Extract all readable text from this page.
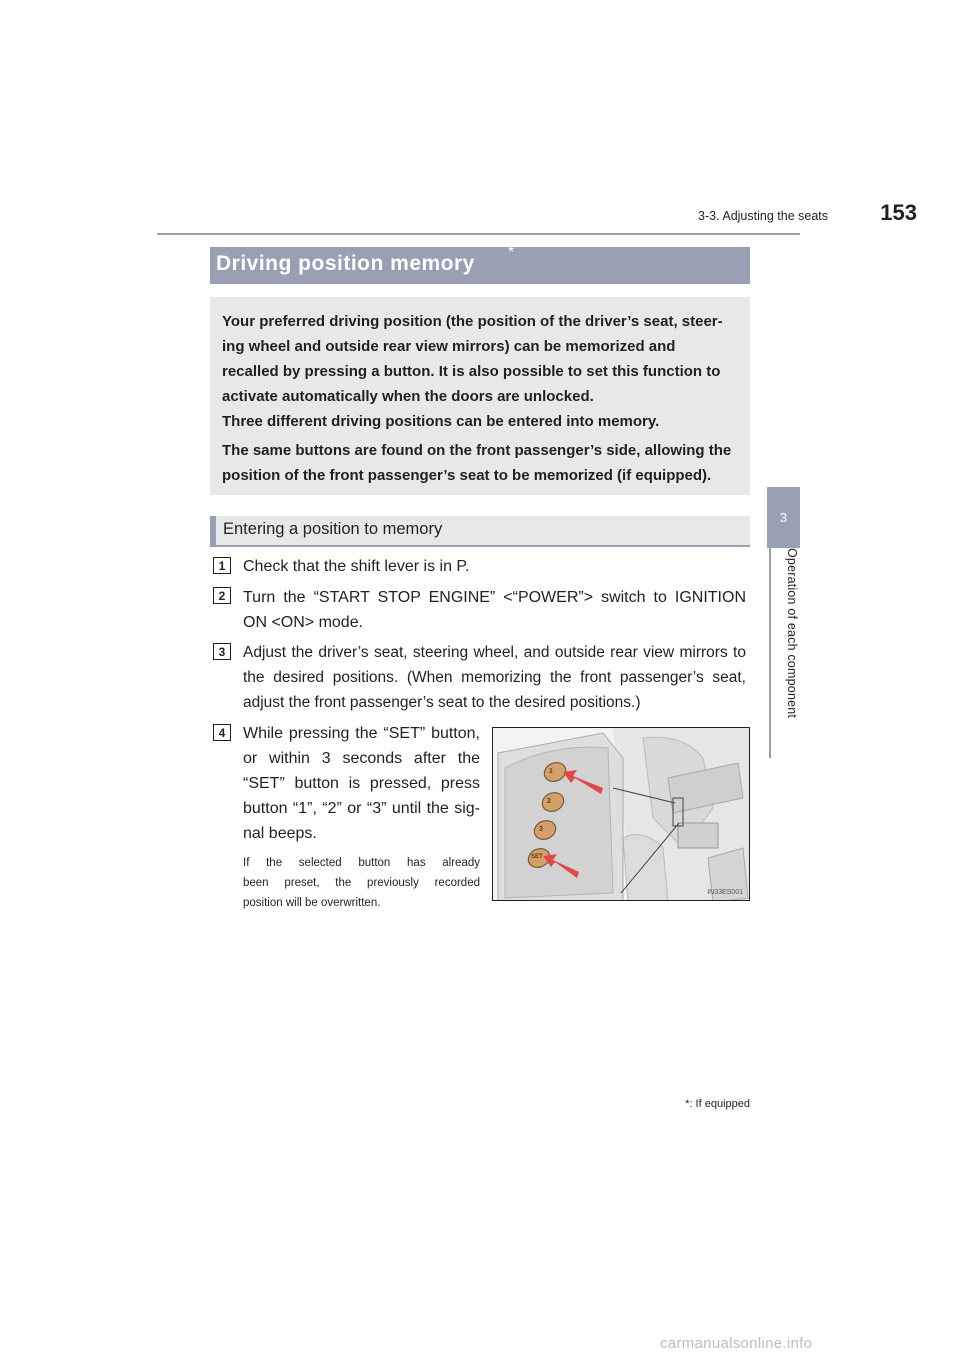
3-3. Adjusting the seats 153
3
Operation of each component
Driving position memory *

Your preferred driving position (the position of the driver’s seat, steer-

ing wheel and outside rear view mirrors) can be memorized and

recalled by pressing a button. It is also possible to set this function to

activate automatically when the doors are unlocked.

Three different driving positions can be entered into memory.

The same buttons are found on the front passenger’s side, allowing the

position of the front passenger’s seat to be memorized (if equipped).

Entering a position to memory
1	Check that the shift lever is in P.
2	Turn the “START STOP ENGINE” <“POWER”> switch to IGNITION
ON <ON> mode.
3	Adjust the driver’s seat, steering wheel, and outside rear view mirrors to
the desired positions. (When memorizing the front passenger’s seat,
adjust the front passenger’s seat to the desired positions.)
4	While pressing the “SET” button,
or within 3 seconds after the
“SET” button is pressed, press
button “1”, “2” or “3” until the sig-
nal beeps.
If the selected button has already
been preset, the previously recorded
position will be overwritten.
1
2
3
SET
IN33ES001
*: If equipped
carmanualsonline.info
